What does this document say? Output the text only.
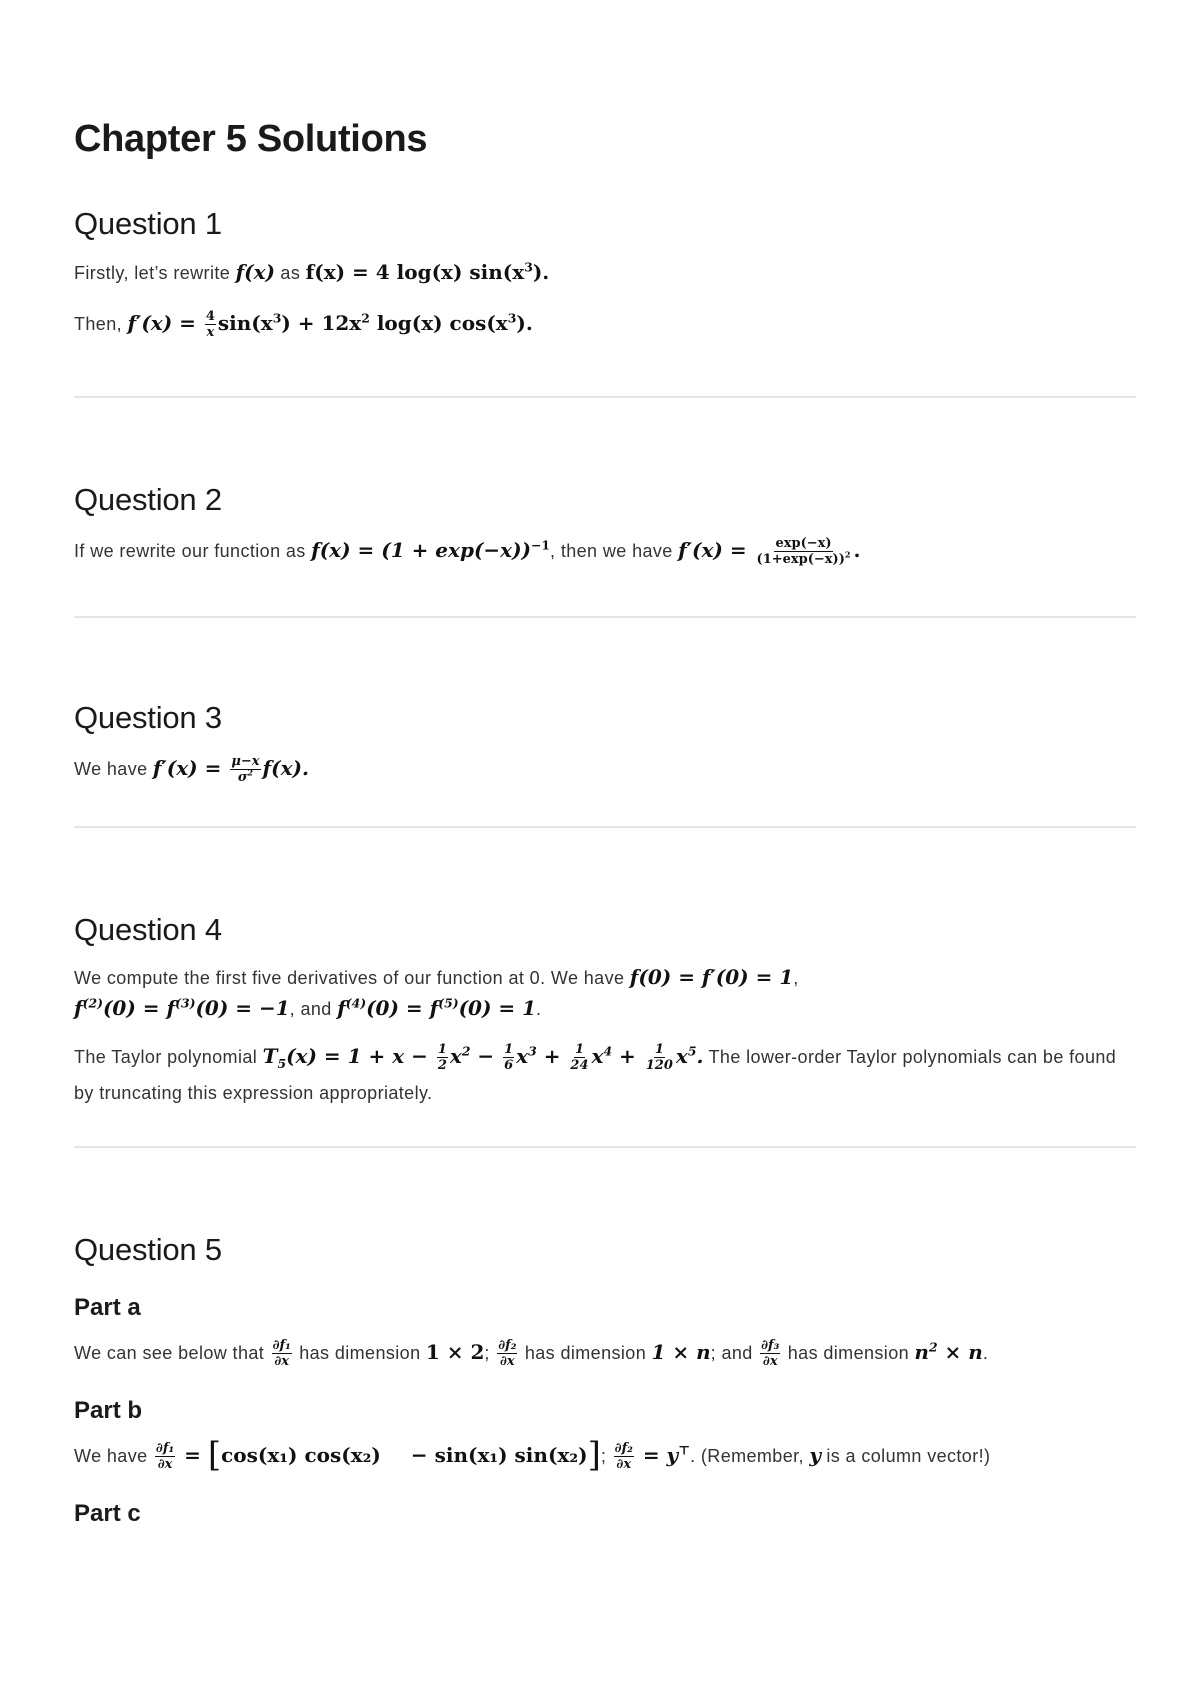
Chapter 5 Solutions
Question 1

Firstly, let’s rewrite f(x) as f(x) = 4 log(x) $\sin(x^3)$.

Then, $f'(x) = \frac{4}{x} \sin(x^3) + 12x^2$ log(x) $\cos(x^3)$.

Question 2

If we rewrite our function as $f(x) = (1 + \exp(-x))^{-1}$, then we have $f'(x) = \frac{\exp(-x)}{(1+\exp(-x))^2}$ .

Question 3

We have $f'(x) = \frac{\mu-x}{\sigma^2} f(x)$.

Question 4

We compute the first five derivatives of our function at 0. We have f(0) = f′(0) = 1,
$f^{(2)}(0) = f^{(3)}(0) = -1$, and $f^{(4)}(0) = f^{(5)}(0) = 1$.

The Taylor polynomial $T_5(x) = 1 + x - \frac{1}{2} x^2 - \frac{1}{6} x^3 + \frac{1}{24} x^4 + \frac{1}{120} x^5$. The lower-order Taylor polynomials can be found by truncating this expression appropriately.

Question 5
Part a

We can see below that $\frac{\text{∂f₁}}{\partial x}$ has dimension 1 × 2; $\frac{\text{∂f₂}}{\partial x}$ has dimension 1 × n; and $\frac{\text{∂f₃}}{\partial x}$ has dimension $n^2 \times n$.

Part b

We have $\frac{\text{∂f₁}}{\partial x} = [\cos(x_1) \cos(x_2) - \sin(x_1)$ sin(x₂)]; $\frac{\text{∂f₂}}{\partial x} = y^⊤$. (Remember, y is a column vector!)

Part c
